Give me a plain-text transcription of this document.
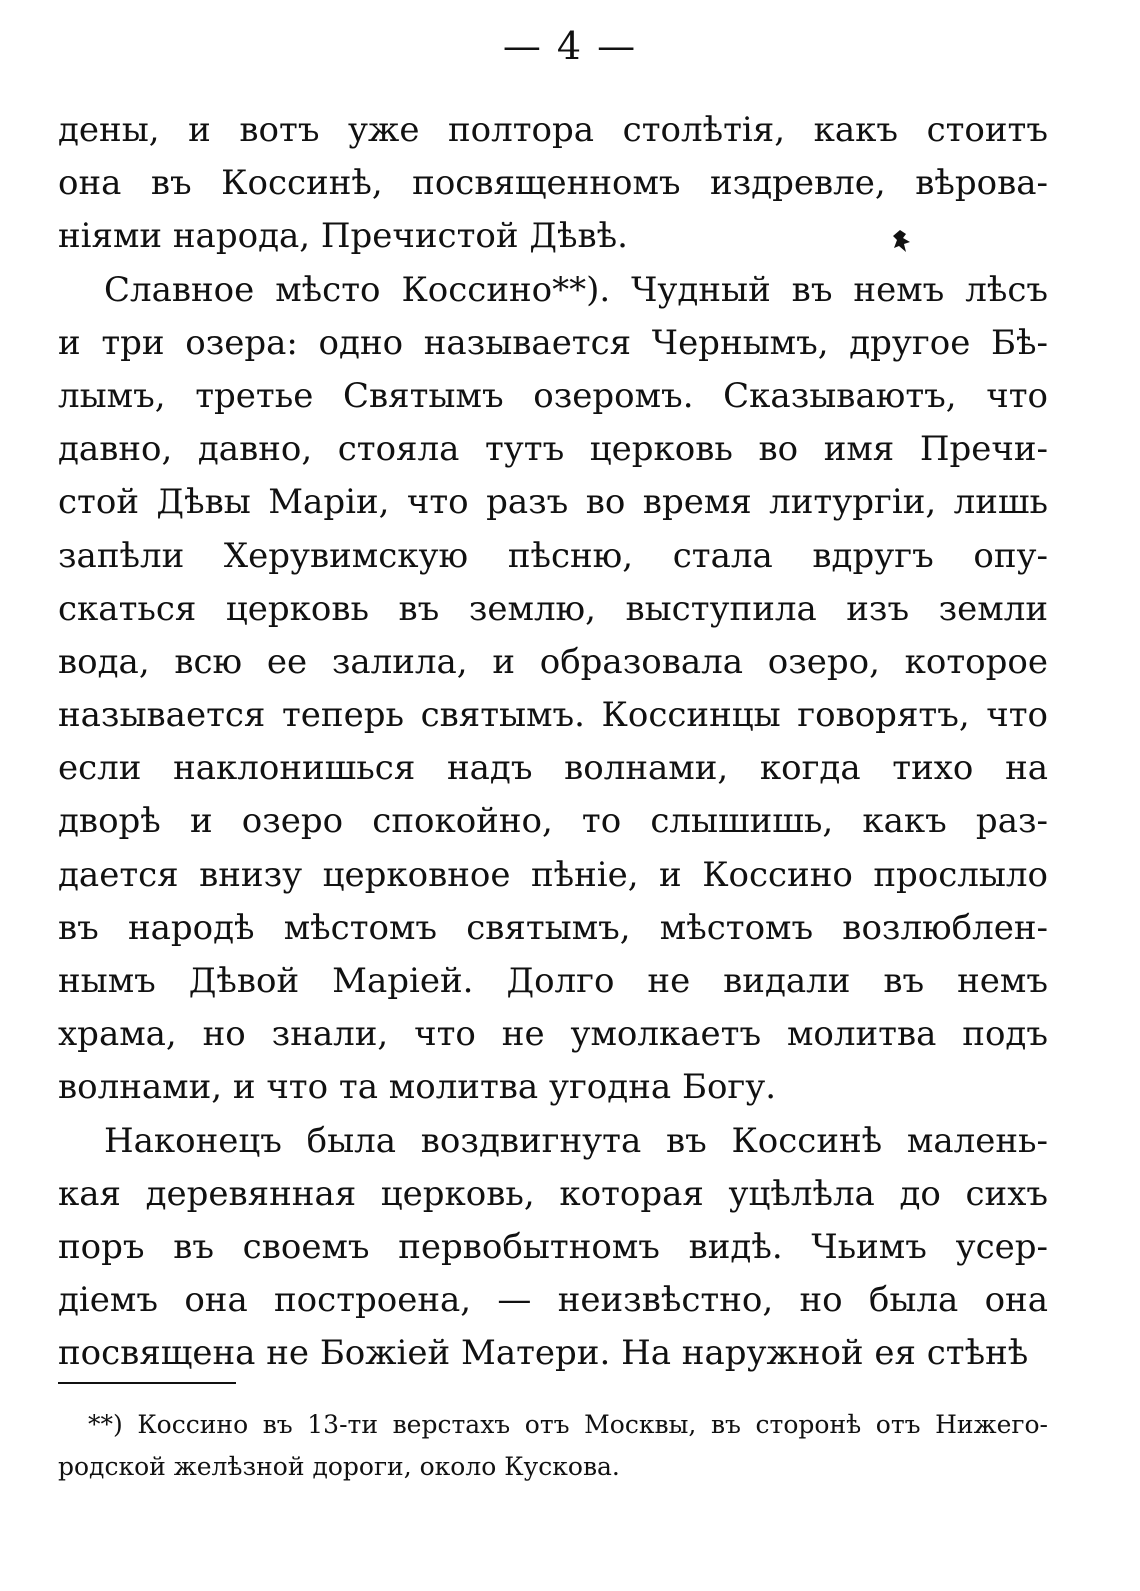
— 4 —
дены, и вотъ уже полтора столѣтія, какъ стоитъ
она въ Коссинѣ, посвященномъ издревле, вѣрова-
ніями народа, Пречистой Дѣвѣ.
Славное мѣсто Коссино**). Чудный въ немъ лѣсъ
и три озера: одно называется Чернымъ, другое Бѣ-
лымъ, третье Святымъ озеромъ. Сказываютъ, что
давно, давно, стояла тутъ церковь во имя Пречи-
стой Дѣвы Маріи, что разъ во время литургіи, лишь
запѣли Херувимскую пѣсню, стала вдругъ опу-
скаться церковь въ землю, выступила изъ земли
вода, всю ее залила, и образовала озеро, которое
называется теперь святымъ. Коссинцы говорятъ, что
если наклонишься надъ волнами, когда тихо на
дворѣ и озеро спокойно, то слышишь, какъ раз-
дается внизу церковное пѣніе, и Коссино прослыло
въ народѣ мѣстомъ святымъ, мѣстомъ возлюблен-
нымъ Дѣвой Маріей. Долго не видали въ немъ
храма, но знали, что не умолкаетъ молитва подъ
волнами, и что та молитва угодна Богу.
Наконецъ была воздвигнута въ Коссинѣ малень-
кая деревянная церковь, которая уцѣлѣла до сихъ
поръ въ своемъ первобытномъ видѣ. Чьимъ усер-
діемъ она построена, — неизвѣстно, но была она
посвящена не Божіей Матери. На наружной ея стѣнѣ
**) Коссино въ 13-ти верстахъ отъ Москвы, въ сторонѣ отъ Нижего-
родской желѣзной дороги, около Кускова.
